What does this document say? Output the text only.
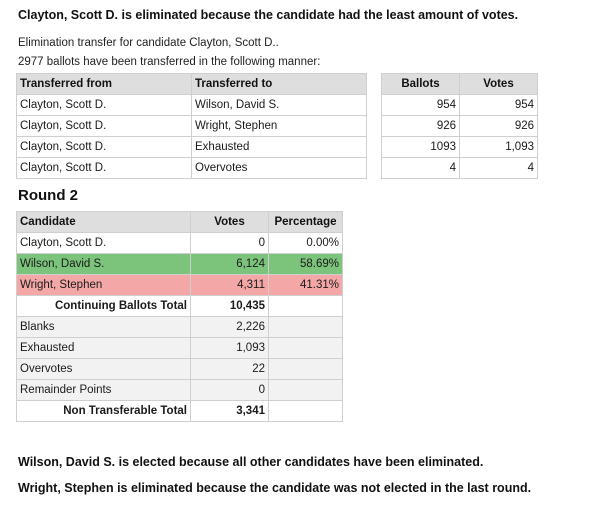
Clayton, Scott D. is eliminated because the candidate had the least amount of votes.
Elimination transfer for candidate Clayton, Scott D..
2977 ballots have been transferred in the following manner:
Transferred from	Transferred to		Ballots	Votes
Clayton, Scott D.	Wilson, David S.		954	954
Clayton, Scott D.	Wright, Stephen		926	926
Clayton, Scott D.	Exhausted		1093	1,093
Clayton, Scott D.	Overvotes		4	4
Round 2
Candidate	Votes	Percentage
Clayton, Scott D.	0	0.00%
Wilson, David S.	6,124	58.69%
Wright, Stephen	4,311	41.31%
Continuing Ballots Total	10,435	
Blanks	2,226	
Exhausted	1,093	
Overvotes	22	
Remainder Points	0	
Non Transferable Total	3,341	
Wilson, David S. is elected because all other candidates have been eliminated.
Wright, Stephen is eliminated because the candidate was not elected in the last round.
